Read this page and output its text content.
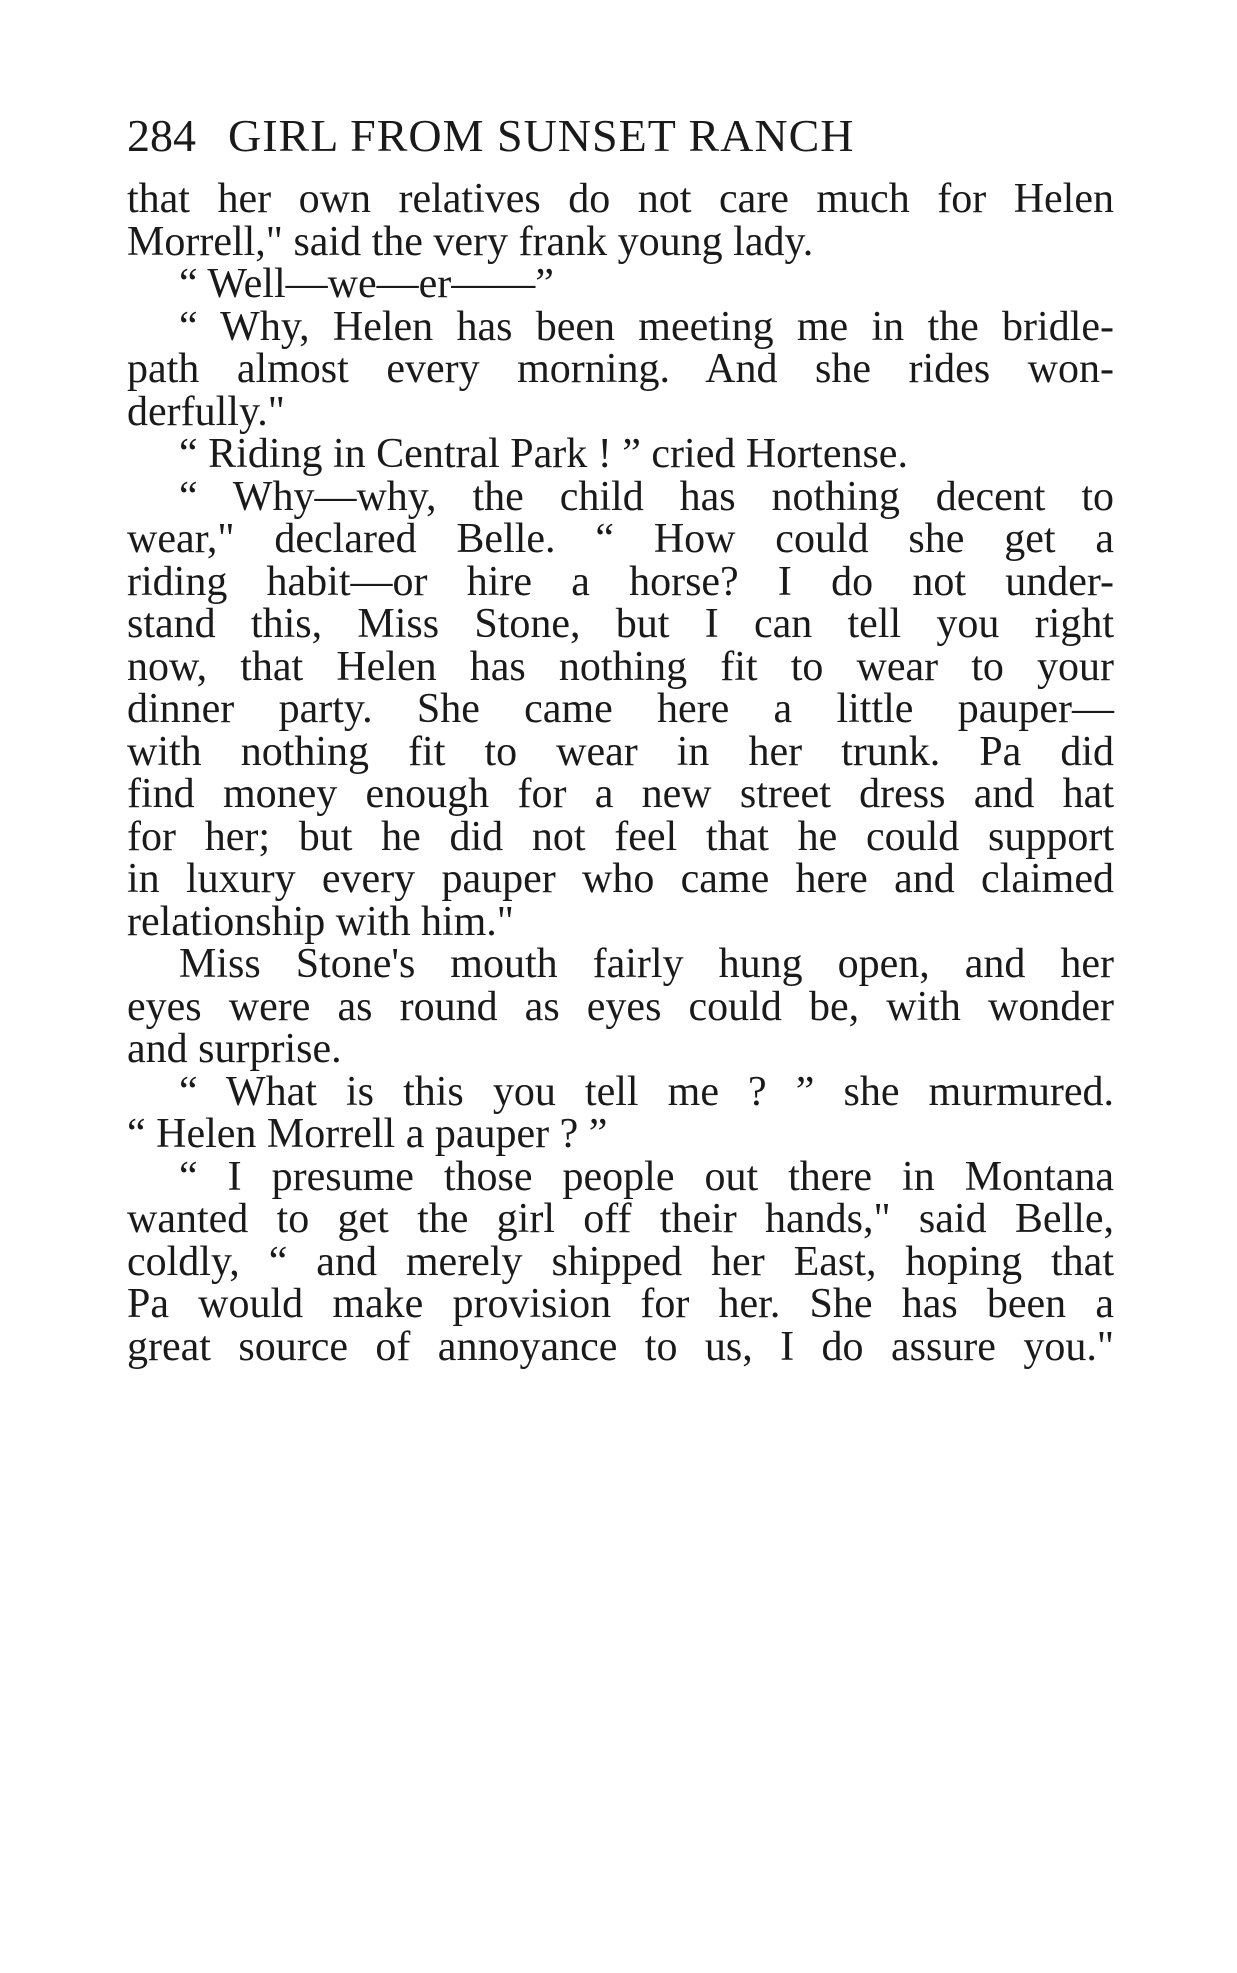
284 GIRL FROM SUNSET RANCH
that her own relatives do not care much for Helen
Morrell," said the very frank young lady.
“ Well—we—er——”
“ Why, Helen has been meeting me in the bridle-
path almost every morning. And she rides won-
derfully."
“ Riding in Central Park ! ” cried Hortense.
“ Why—why, the child has nothing decent to
wear," declared Belle. “ How could she get a
riding habit—or hire a horse? I do not under-
stand this, Miss Stone, but I can tell you right
now, that Helen has nothing fit to wear to your
dinner party. She came here a little pauper—
with nothing fit to wear in her trunk. Pa did
find money enough for a new street dress and hat
for her; but he did not feel that he could support
in luxury every pauper who came here and claimed
relationship with him."
Miss Stone's mouth fairly hung open, and her
eyes were as round as eyes could be, with wonder
and surprise.
“ What is this you tell me ? ” she murmured.
“ Helen Morrell a pauper ? ”
“ I presume those people out there in Montana
wanted to get the girl off their hands," said Belle,
coldly, “ and merely shipped her East, hoping that
Pa would make provision for her. She has been a
great source of annoyance to us, I do assure you."
